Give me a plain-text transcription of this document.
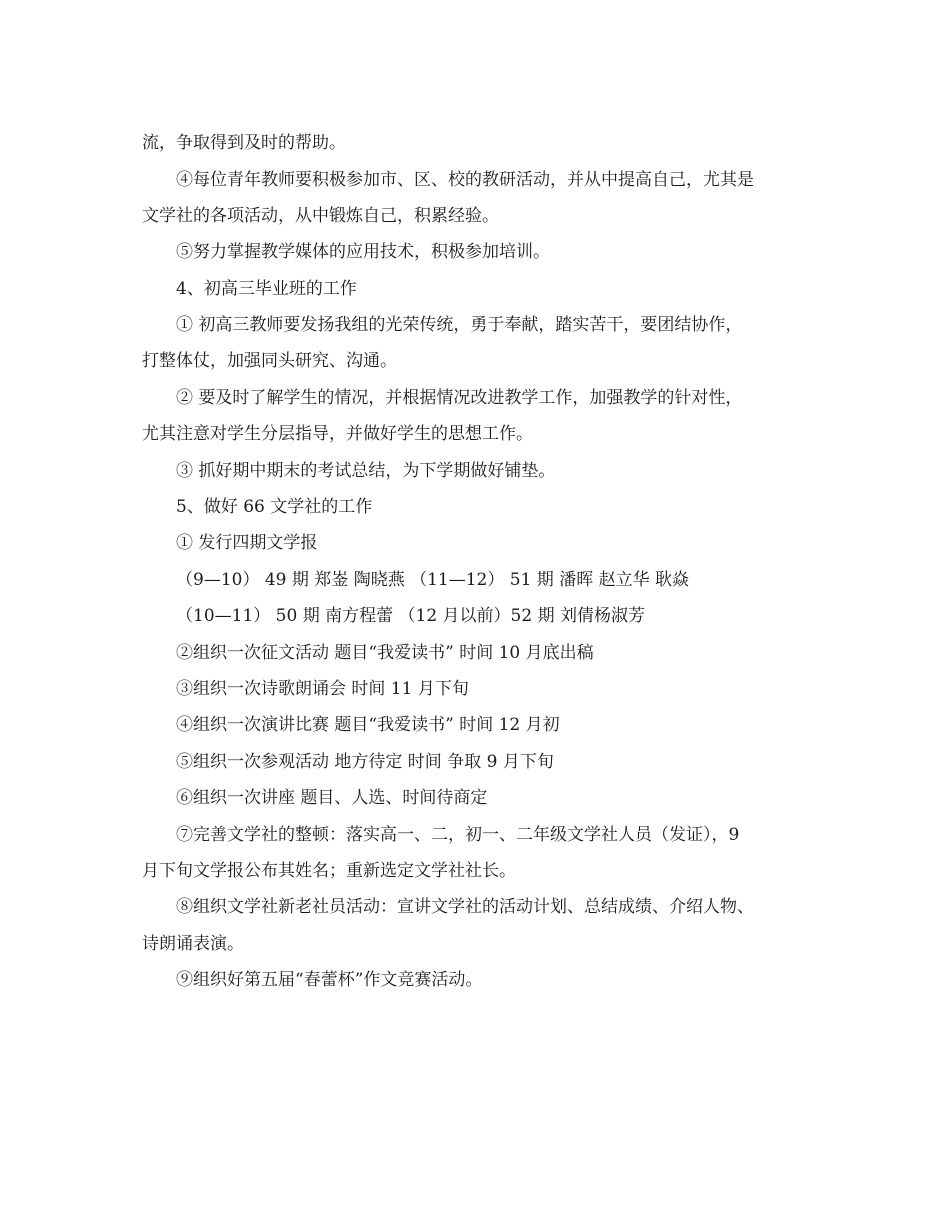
流，争取得到及时的帮助。
④每位青年教师要积极参加市、区、校的教研活动，并从中提高自己，尤其是
文学社的各项活动，从中锻炼自己，积累经验。
⑤努力掌握教学媒体的应用技术，积极参加培训。
4、初高三毕业班的工作
① 初高三教师要发扬我组的光荣传统，勇于奉献，踏实苦干，要团结协作，
打整体仗，加强同头研究、沟通。
② 要及时了解学生的情况，并根据情况改进教学工作，加强教学的针对性，
尤其注意对学生分层指导，并做好学生的思想工作。
③ 抓好期中期末的考试总结，为下学期做好铺垫。
5、做好 66 文学社的工作
① 发行四期文学报
（9—10） 49 期 郑崟 陶晓燕 （11—12） 51 期 潘晖 赵立华 耿焱
（10—11） 50 期 南方程蕾 （12 月以前）52 期 刘倩杨淑芳
②组织一次征文活动 题目“我爱读书” 时间 10 月底出稿
③组织一次诗歌朗诵会 时间 11 月下旬
④组织一次演讲比赛 题目“我爱读书” 时间 12 月初
⑤组织一次参观活动 地方待定 时间 争取 9 月下旬
⑥组织一次讲座 题目、人选、时间待商定
⑦完善文学社的整顿：落实高一、二，初一、二年级文学社人员（发证），9
月下旬文学报公布其姓名；重新选定文学社社长。
⑧组织文学社新老社员活动：宣讲文学社的活动计划、总结成绩、介绍人物、
诗朗诵表演。
⑨组织好第五届“春蕾杯”作文竞赛活动。
